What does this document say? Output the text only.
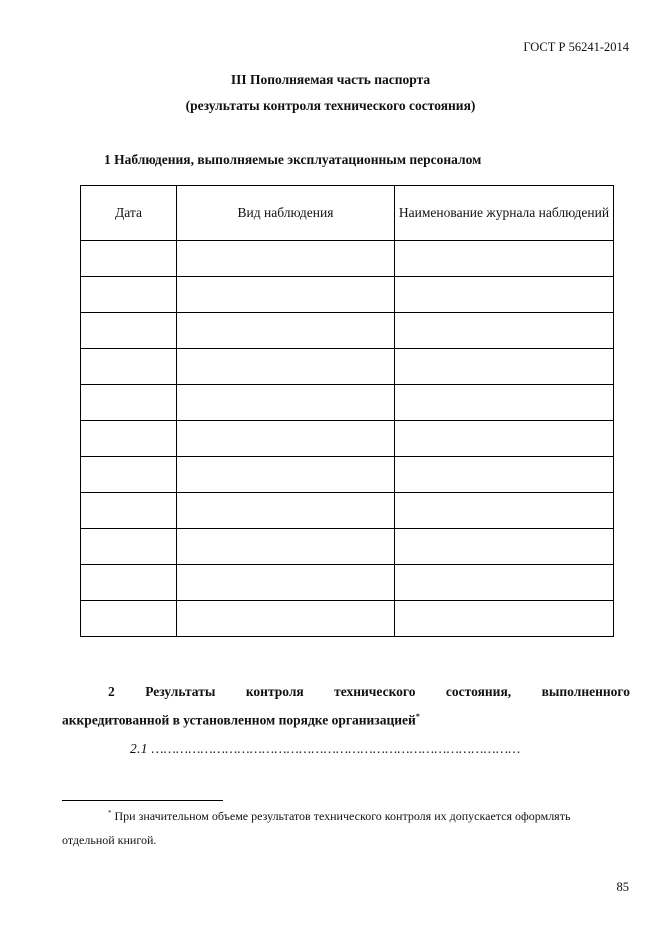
ГОСТ Р 56241-2014
III Пополняемая часть паспорта
(результаты контроля технического состояния)
1 Наблюдения, выполняемые эксплуатационным персоналом
Дата	Вид наблюдения	Наименование журнала наблюдений

2 Результаты контроля технического состояния, выполненного
аккредитованной в установленном порядке организацией*
2.1 ………………………………………………………………………………
* При значительном объеме результатов технического контроля их допускается оформлять
отдельной книгой.
85
